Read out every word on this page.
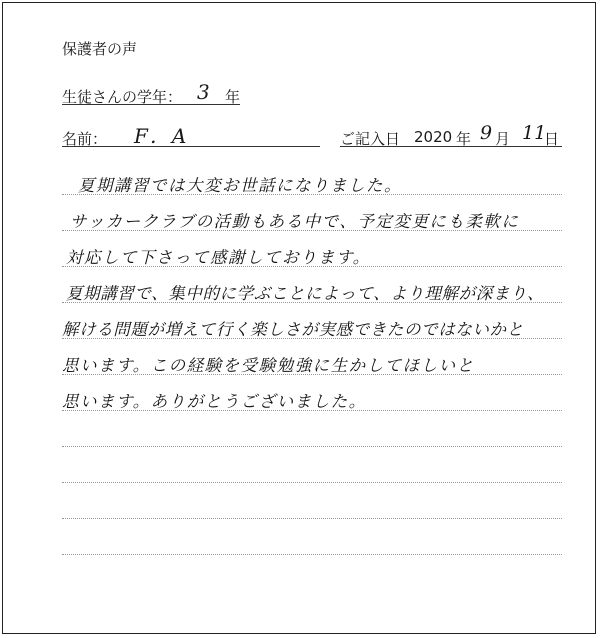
保護者の声
生徒さんの学年： 3 年
名前： F．A	ご記入日 2020 年 9 月 11
日
夏期講習では大変お世話になりました。
サッカークラブの活動もある中で、予定変更にも柔軟に
対応して下さって感謝しております。
夏期講習で、集中的に学ぶことによって、より理解が深まり、
解ける問題が増えて行く楽しさが実感できたのではないかと
思います。この経験を受験勉強に生かしてほしいと
思います。ありがとうございました。
